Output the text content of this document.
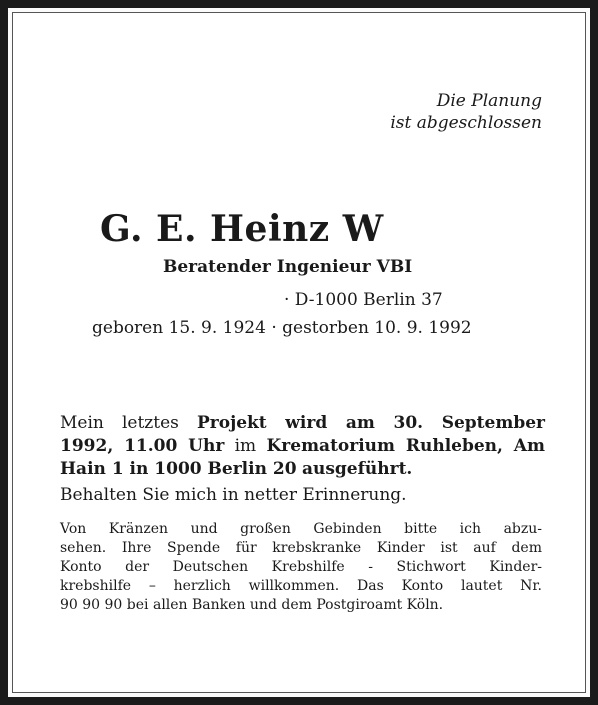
Die Planung
ist abgeschlossen
G. E. Heinz W
Beratender Ingenieur VBI
· D-1000 Berlin 37
geboren 15. 9. 1924 · gestorben 10. 9. 1992
Mein letztes Projekt wird am 30. September
1992, 11.00 Uhr im Krematorium Ruhleben, Am
Hain 1 in 1000 Berlin 20 ausgeführt.
Behalten Sie mich in netter Erinnerung.
Von Kränzen und großen Gebinden bitte ich abzu-
sehen. Ihre Spende für krebskranke Kinder ist auf dem
Konto der Deutschen Krebshilfe - Stichwort Kinder-
krebshilfe – herzlich willkommen. Das Konto lautet Nr.
90 90 90 bei allen Banken und dem Postgiroamt Köln.
